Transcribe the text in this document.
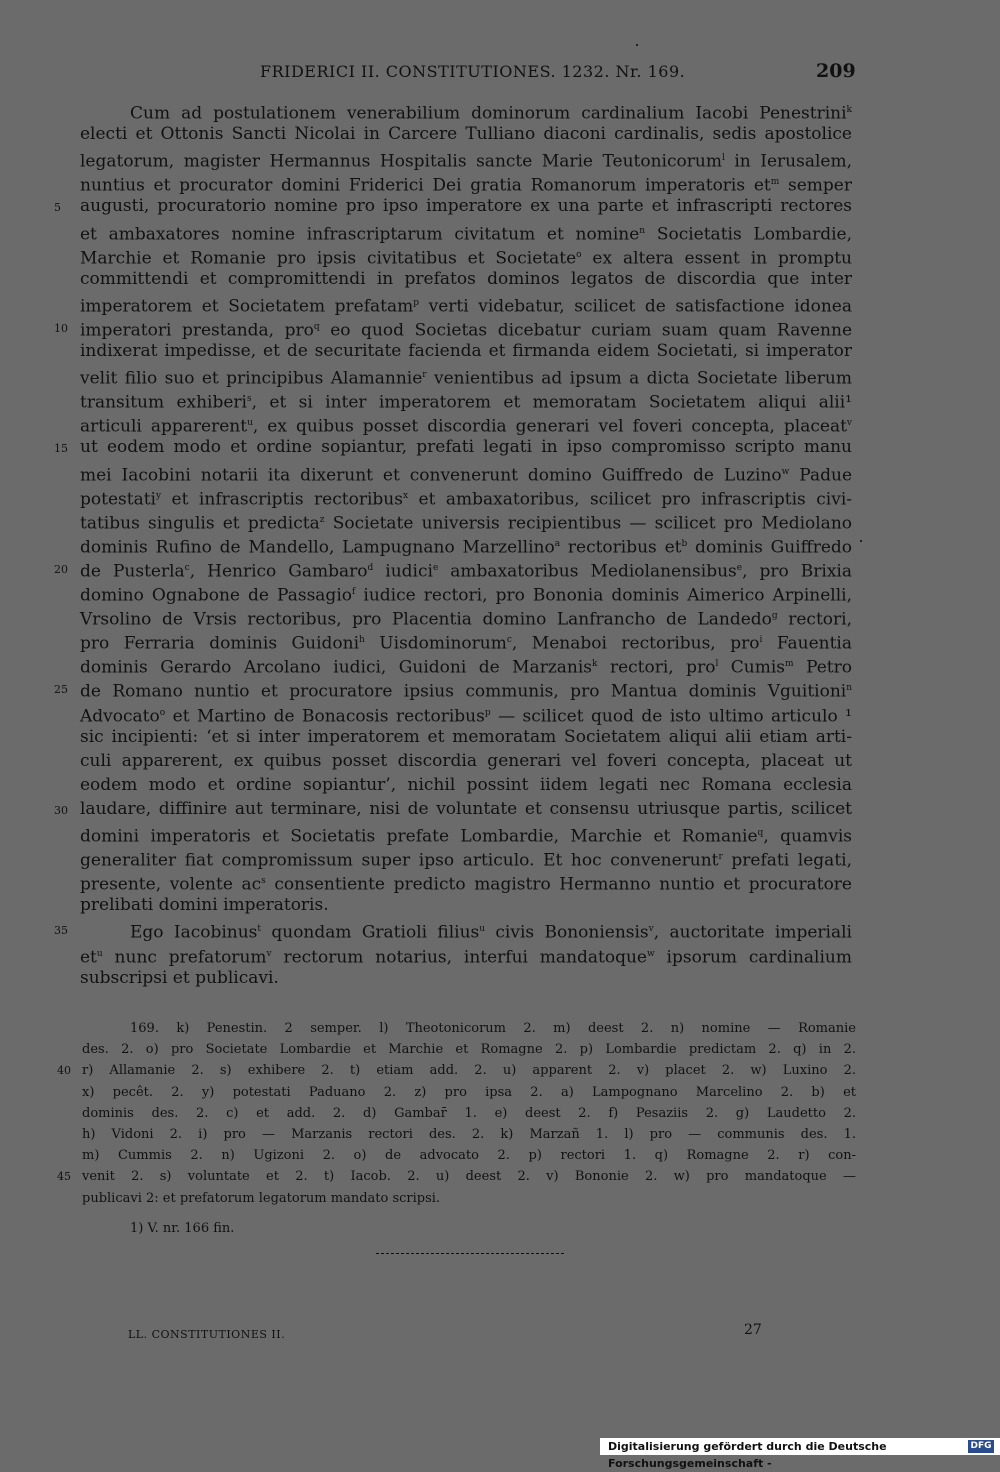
FRIDERICI II. CONSTITUTIONES. 1232. Nr. 169.	209
Cum ad postulationem venerabilium dominorum cardinalium Iacobi Penestrini$^k$
electi et Ottonis Sancti Nicolai in Carcere Tulliano diaconi cardinalis, sedis apostolice
legatorum, magister Hermannus Hospitalis sancte Marie Teutonicorum$^l$ in Ierusalem,
nuntius et procurator domini Friderici Dei gratia Romanorum imperatoris $et^m$ semper
augusti, procuratorio nomine pro ipso imperatore ex una parte et infrascripti rectores
5
et ambaxatores nomine infrascriptarum civitatum et nomine$^n$ Societatis Lombardie,
Marchie et Romanie pro ipsis civitatibus et Societate$^o$ ex altera essent in promptu
committendi et compromittendi in prefatos dominos legatos de discordia que inter
imperatorem et Societatem prefatam$^p$ verti videbatur, scilicet de satisfactione idonea
imperatori prestanda, pro$^q$ eo quod Societas dicebatur curiam suam quam Ravenne
10
indixerat impedisse, et de securitate facienda et firmanda eidem Societati, si imperator
velit filio suo et principibus Alamannie$^r$ venientibus ad ipsum a dicta Societate liberum
transitum exhiberi$^s$, et si inter imperatorem et memoratam Societatem aliqui alii¹
articuli apparerent$^u$, ex quibus posset discordia generari vel foveri concepta, placeat$^v$
ut eodem modo et ordine sopiantur, prefati legati in ipso compromisso scripto manu
15
mei Iacobini notarii ita dixerunt et convenerunt domino Guiffredo de Luzino$^w$ Padue
potestati$^y$ et infrascriptis rectoribus$^x$ et ambaxatoribus, scilicet pro infrascriptis civi-
tatibus singulis et predicta$^z$ Societate universis recipientibus — scilicet pro Mediolano
dominis Rufino de Mandello, Lampugnano Marzellino$^a$ rectoribus $et^b$ dominis Guiffredo
de Pusterla$^c$, Henrico Gambaro$^d$ iudici$^e$ ambaxatoribus Mediolanensibus$^e$, pro Brixia
20
domino Ognabone de Passagio$^f$ iudice rectori, pro Bononia dominis Aimerico Arpinelli,
Vrsolino de Vrsis rectoribus, pro Placentia domino Lanfrancho de Landedo$^g$ rectori,
pro Ferraria dominis Guidoni$^h$ Uisdominorum$^c$, Menaboi rectoribus, pro$^i$ Fauentia
dominis Gerardo Arcolano iudici, Guidoni de Marzanis$^k$ rectori, pro$^l$ Cumis$^m$ Petro
de Romano nuntio et procuratore ipsius communis, pro Mantua dominis Vguitioni$^n$
25
Advocato$^o$ et Martino de Bonacosis rectoribus$^p$ — scilicet quod de isto ultimo articulo ¹
sic incipienti: ‘et si inter imperatorem et memoratam Societatem aliqui alii etiam arti-
culi apparerent, ex quibus posset discordia generari vel foveri concepta, placeat ut
eodem modo et ordine sopiantur’, nichil possint iidem legati nec Romana ecclesia
laudare, diffinire aut terminare, nisi de voluntate et consensu utriusque partis, scilicet
30
domini imperatoris et Societatis prefate Lombardie, Marchie et Romanie$^q$, quamvis
generaliter fiat compromissum super ipso articulo. Et hoc convenerunt$^r$ prefati legati,
presente, volente $ac^s$ consentiente predicto magistro Hermanno nuntio et procuratore
prelibati domini imperatoris.
Ego Iacobinus$^t$ quondam Gratioli filius$^u$ civis Bononiensis$^v$, auctoritate imperiali
35
$et^u$ nunc prefatorum$^v$ rectorum notarius, interfui mandatoque$^w$ ipsorum cardinalium
subscripsi et publicavi.
169. k) Penestin. 2 semper. l) Theotonicorum 2. m) deest 2. n) nomine — Romanie
des. 2. o) pro Societate Lombardie et Marchie et Romagne 2. p) Lombardie predictam 2. q) in 2.
r) Allamanie 2. s) exhibere 2. t) etiam add. 2. u) apparent 2. v) placet 2. w) Luxino 2.
40
x) pecêt. 2. y) potestati Paduano 2. z) pro ipsa 2. a) Lampognano Marcelino 2. b) et
dominis des. 2. c) et add. 2. d) Gambar̄ 1. e) deest 2. f) Pesaziis 2. g) Laudetto 2.
h) Vidoni 2. i) pro — Marzanis rectori des. 2. k) Marzañ 1. l) pro — communis des. 1.
m) Cummis 2. n) Ugizoni 2. o) de advocato 2. p) rectori 1. q) Romagne 2. r) con-
venit 2. s) voluntate et 2. t) Iacob. 2. u) deest 2. v) Bononie 2. w) pro mandatoque —
45
publicavi 2: et prefatorum legatorum mandato scripsi.
1) V. nr. 166 fin.
LL. CONSTITUTIONES II.	27
Digitalisierung gefördert durch die Deutsche Forschungsgemeinschaft -
DFG
